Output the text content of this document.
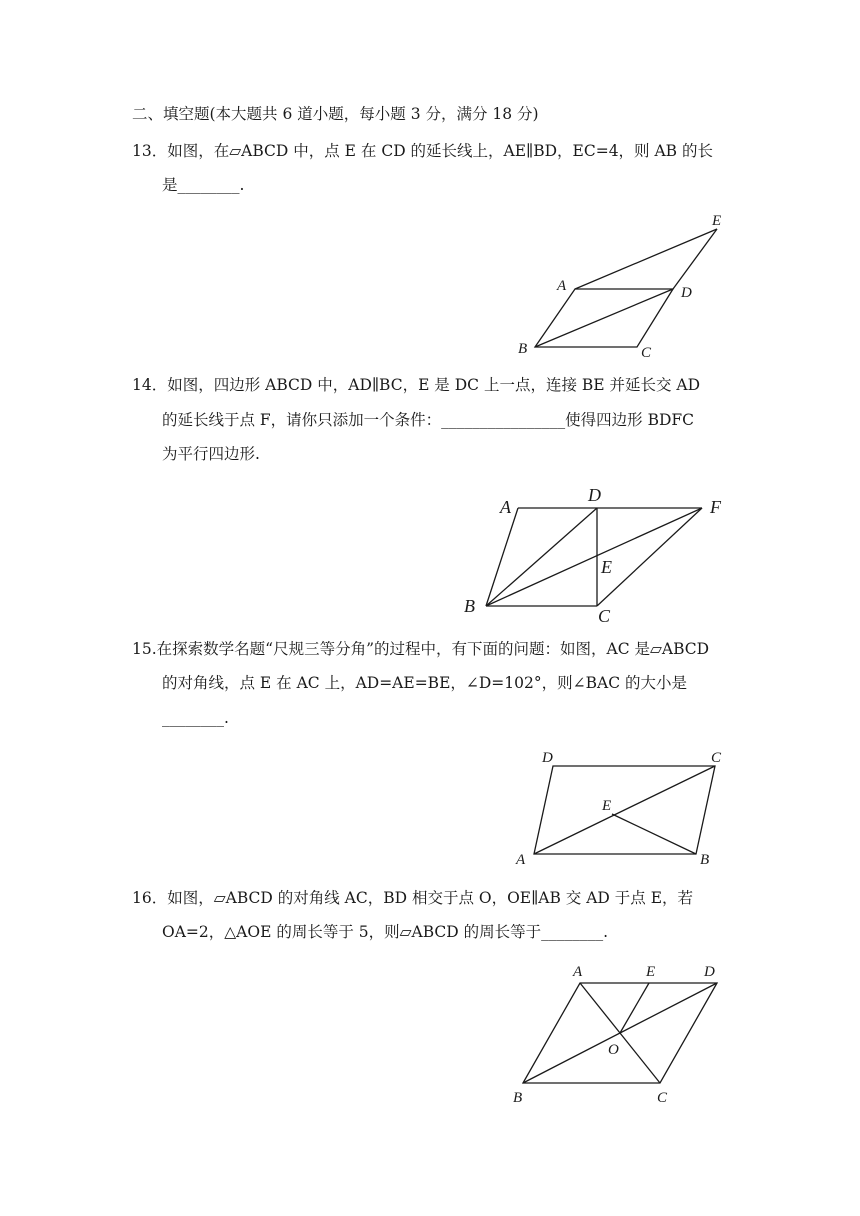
二、填空题(本大题共 6 道小题，每小题 3 分，满分 18 分)
13．如图，在▱ABCD 中，点 E 在 CD 的延长线上，AE∥BD，EC=4，则 AB 的长
是________.
E
A	D
B	C
14．如图，四边形 ABCD 中，AD∥BC，E 是 DC 上一点，连接 BE 并延长交 AD
的延长线于点 F，请你只添加一个条件：________________使得四边形 BDFC
为平行四边形.
A
D
F
E
B	C
15.在探索数学名题“尺规三等分角”的过程中，有下面的问题：如图，AC 是▱ABCD
的对角线，点 E 在 AC 上，AD=AE=BE，∠D=102°，则∠BAC 的大小是
________.
D	C
E
A	B
16．如图，▱ABCD 的对角线 AC，BD 相交于点 O，OE∥AB 交 AD 于点 E，若
OA=2，△AOE 的周长等于 5，则▱ABCD 的周长等于________.
A	E	D
O
B	C
